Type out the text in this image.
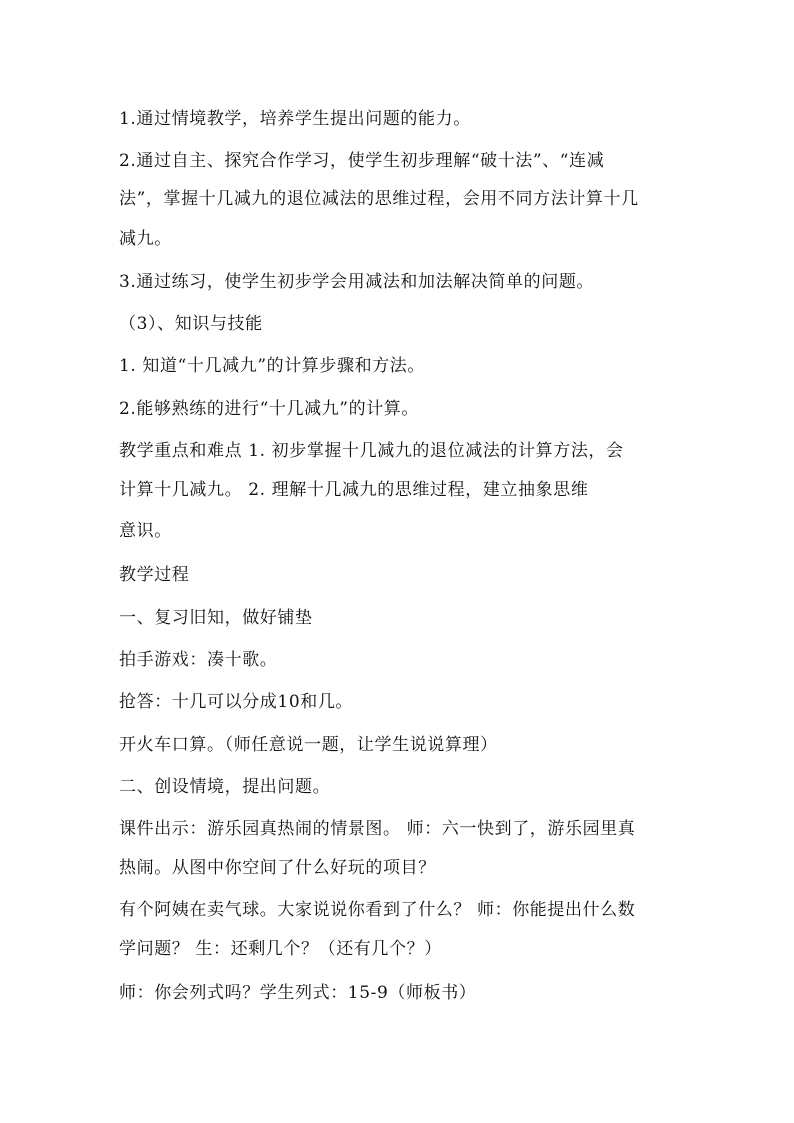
1.通过情境教学，培养学生提出问题的能力。
2.通过自主、探究合作学习，使学生初步理解“破十法”、“连减
法”，掌握十几减九的退位减法的思维过程，会用不同方法计算十几
减九。
3.通过练习，使学生初步学会用减法和加法解决简单的问题。
（3）、知识与技能
1. 知道“十几减九”的计算步骤和方法。
2.能够熟练的进行“十几减九”的计算。
教学重点和难点 1. 初步掌握十几减九的退位减法的计算方法，会
计算十几减九。 2. 理解十几减九的思维过程，建立抽象思维
意识。
教学过程
一、复习旧知，做好铺垫
拍手游戏：凑十歌。
抢答：十几可以分成10和几。
开火车口算。（师任意说一题，让学生说说算理）
二、创设情境，提出问题。
课件出示：游乐园真热闹的情景图。 师：六一快到了，游乐园里真
热闹。从图中你空间了什么好玩的项目？
有个阿姨在卖气球。大家说说你看到了什么？ 师：你能提出什么数
学问题？ 生：还剩几个？（还有几个？）
师：你会列式吗？学生列式：15-9（师板书）
